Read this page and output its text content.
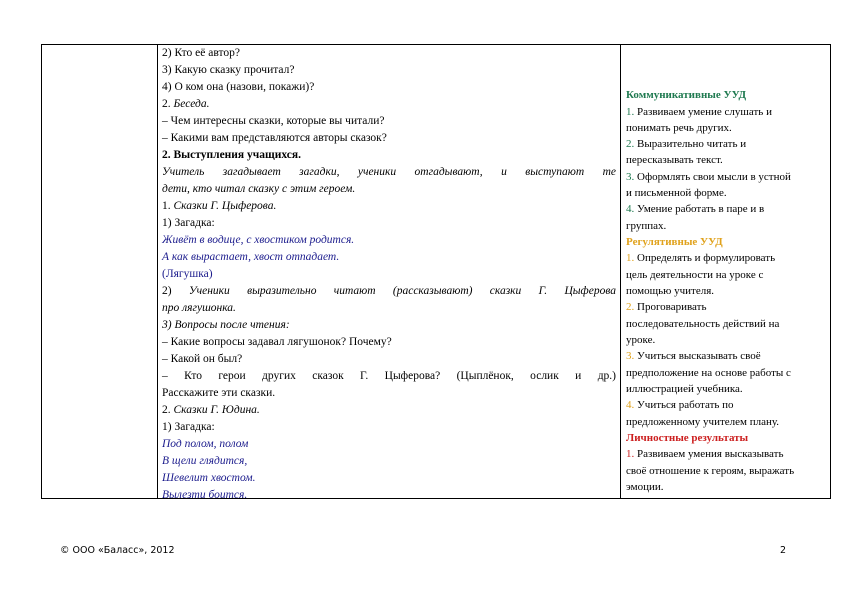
2) Кто её автор?
3) Какую сказку прочитал?
4) О ком она (назови, покажи)?
2. Беседа.
– Чем интересны сказки, которые вы читали?
– Какими вам представляются авторы сказок?
2. Выступления учащихся.
Учитель загадывает загадки, ученики отгадывают, и выступают те
дети, кто читал сказку с этим героем.
1. Сказки Г. Цыферова.
1) Загадка:
Живёт в водице, с хвостиком родится.
А как вырастает, хвост отпадает.
(Лягушка)
2) Ученики выразительно читают (рассказывают) сказки Г. Цыферова
про лягушонка.
3) Вопросы после чтения:
– Какие вопросы задавал лягушонок? Почему?
– Какой он был?
– Кто герои других сказок Г. Цыферова? (Цыплёнок, ослик и др.)
Расскажите эти сказки.
2. Сказки Г. Юдина.
1) Загадка:
Под полом, полом
В щели глядится,
Шевелит хвостом.
Вылезти боится.
Коммуникативные УУД
1. Развиваем умение слушать и
понимать речь других.
2. Выразительно читать и
пересказывать текст.
3. Оформлять свои мысли в устной
и письменной форме.
4. Умение работать в паре и в
группах.
Регулятивные УУД
1. Определять и формулировать
цель деятельности на уроке с
помощью учителя.
2. Проговаривать
последовательность действий на
уроке.
3. Учиться высказывать своё
предположение на основе работы с
иллюстрацией учебника.
4. Учиться работать по
предложенному учителем плану.
Личностные результаты
1. Развиваем умения высказывать
своё отношение к героям, выражать
эмоции.
© ООО «Баласс», 2012	2
